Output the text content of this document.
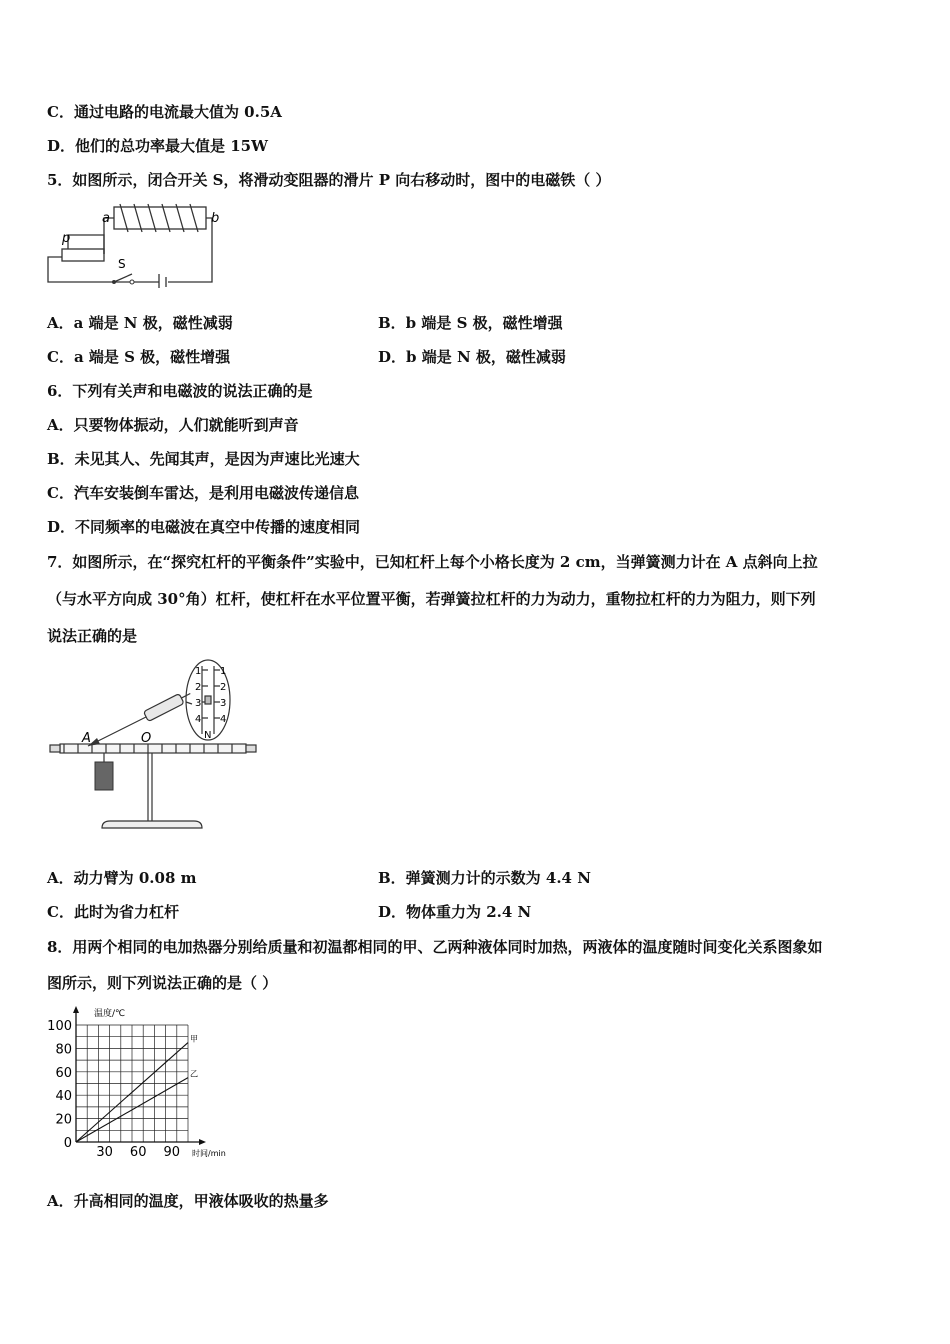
C．通过电路的电流最大值为 0.5A
D．他们的总功率最大值是 15W
5．如图所示，闭合开关 S，将滑动变阻器的滑片 P 向右移动时，图中的电磁铁（ ）
a	b
p
S
A．a 端是 N 极，磁性减弱	B．b 端是 S 极，磁性增强
C．a 端是 S 极，磁性增强	D．b 端是 N 极，磁性减弱
6．下列有关声和电磁波的说法正确的是
A．只要物体振动，人们就能听到声音
B．未见其人、先闻其声，是因为声速比光速大
C．汽车安装倒车雷达，是利用电磁波传递信息
D．不同频率的电磁波在真空中传播的速度相同
7．如图所示，在“探究杠杆的平衡条件”实验中，已知杠杆上每个小格长度为 2 cm，当弹簧测力计在 A 点斜向上拉
（与水平方向成 30°角）杠杆，使杠杆在水平位置平衡，若弹簧拉杠杆的力为动力，重物拉杠杆的力为阻力，则下列
说法正确的是
A	O	N
1
2
3
4
1
2
3
4
A．动力臂为 0.08 m	B．弹簧测力计的示数为 4.4 N
C．此时为省力杠杆	D．物体重力为 2.4 N
8．用两个相同的电加热器分别给质量和初温都相同的甲、乙两种液体同时加热，两液体的温度随时间变化关系图象如
图所示，则下列说法正确的是（ ）
甲
乙
0
20
40
60
80
100
30 60 90
温度/℃
时间/min
A．升高相同的温度，甲液体吸收的热量多
